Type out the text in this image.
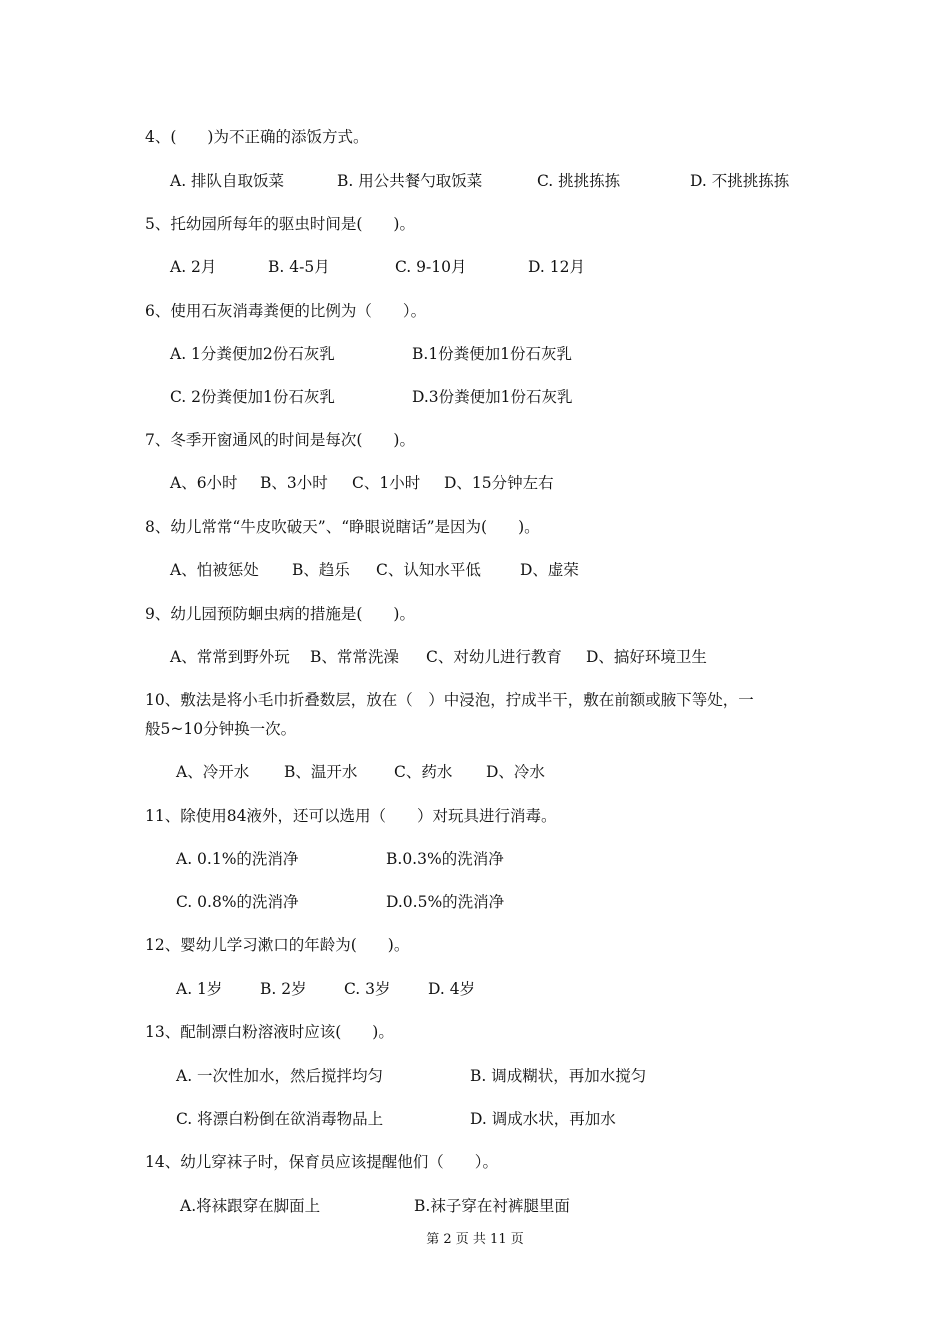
4、(　　)为不正确的添饭方式。
A. 排队自取饭菜	B. 用公共餐勺取饭菜	C. 挑挑拣拣	D. 不挑挑拣拣
5、托幼园所每年的驱虫时间是(　　)。
A. 2月	B. 4-5月	C. 9-10月	D. 12月
6、使用石灰消毒粪便的比例为（　　）。
A. 1分粪便加2份石灰乳	B.1份粪便加1份石灰乳
C. 2份粪便加1份石灰乳	D.3份粪便加1份石灰乳
7、冬季开窗通风的时间是每次(　　)。
A、6小时 B、3小时 C、1小时 D、15分钟左右
8、幼儿常常“牛皮吹破天”、“睁眼说瞎话”是因为(　　)。
A、怕被惩处 B、趋乐 C、认知水平低	D、虚荣
9、幼儿园预防蛔虫病的措施是(　　)。
A、常常到野外玩 B、常常洗澡 C、对幼儿进行教育 D、搞好环境卫生
10、敷法是将小毛巾折叠数层，放在（　）中浸泡，拧成半干，敷在前额或腋下等处，一
般5~10分钟换一次。
A、冷开水 B、温开水 C、药水 D、冷水
11、除使用84液外，还可以选用（　　）对玩具进行消毒。
A. 0.1%的洗消净	B.0.3%的洗消净
C. 0.8%的洗消净	D.0.5%的洗消净
12、婴幼儿学习漱口的年龄为(　　)。
A. 1岁 B. 2岁 C. 3岁 D. 4岁
13、配制漂白粉溶液时应该(　　)。
A. 一次性加水，然后搅拌均匀	B. 调成糊状，再加水搅匀
C. 将漂白粉倒在欲消毒物品上	D. 调成水状，再加水
14、幼儿穿袜子时，保育员应该提醒他们（　　）。
A.将袜跟穿在脚面上	B.袜子穿在衬裤腿里面
第 2 页 共 11 页
